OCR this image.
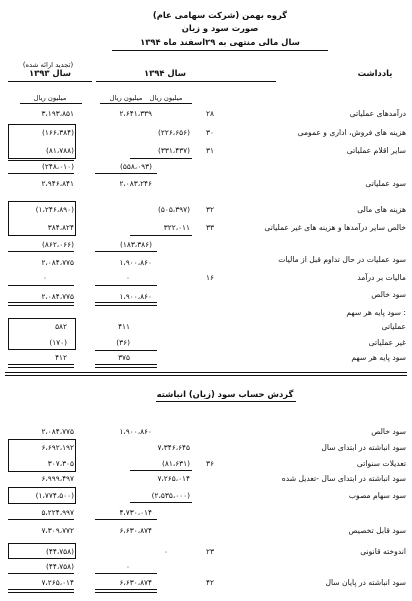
گروه بهمن (شرکت سهامی عام)
صورت سود و زیان
سال مالی منتهی به ۲۹اسفند ماه ۱۳۹۴
یادداشت
سال ۱۳۹۴
سال ۱۳۹۳
(تجدید ارائه شده)
میلیون ریال
میلیون ریال
میلیون ریال
درآمدهای عملیاتی
۲۸
۲،۶۴۱،۳۳۹
۳،۱۹۳،۸۵۱
هزینه های فروش، اداری و عمومی
۳۰
(۲۲۶،۶۵۶)
(۱۶۶،۳۸۴)
سایر اقلام عملیاتی
۳۱
(۳۳۱،۴۳۷)
(۸۱،۷۸۸)
(۵۵۸،۰۹۳)
(۲۴۸،۰۱۰)
سود عملیاتی
۲،۰۸۳،۲۴۶
۲،۹۴۶،۸۴۱
هزینه های مالی
۳۲
(۵۰۵،۳۹۷)
(۱،۲۴۶،۸۹۰)
خالص سایر درآمدها و هزینه های غیر عملیاتی
۳۳
۳۲۲،۰۱۱
۳۸۴،۸۲۴
(۱۸۳،۳۸۶)
(۸۶۲،۰۶۶)
سود عملیات در حال تداوم قبل از مالیات
۱،۹۰۰،۸۶۰
۲،۰۸۴،۷۷۵
مالیات بر درآمد
۱۶
۰
۰
سود خالص
۱،۹۰۰،۸۶۰
۲،۰۸۴،۷۷۵
سود پایه هر سهم :
عملیاتی
۴۱۱
۵۸۲
غیر عملیاتی
(۳۶)
(۱۷۰)
سود پایه هر سهم
۳۷۵
۴۱۲
گردش حساب سود (زیان) انباشته
سود خالص
۱،۹۰۰،۸۶۰
۲،۰۸۴،۷۷۵
سود انباشته در ابتدای سال
۷،۳۴۶،۶۴۵
۶،۶۹۲،۱۹۲
تعدیلات سنواتی
۳۶
(۸۱،۶۳۱)
۳۰۷،۳۰۵
سود انباشته در ابتدای سال -تعدیل شده
۷،۲۶۵،۰۱۴
۶،۹۹۹،۴۹۷
سود سهام مصوب
(۲،۵۳۵،۰۰۰)
(۱،۷۷۴،۵۰۰)
۴،۷۳۰،۰۱۴
۵،۲۲۴،۹۹۷
سود قابل تخصیص
۶،۶۳۰،۸۷۴
۷،۳۰۹،۷۷۲
اندوخته قانونی
۲۳
۰
(۴۴،۷۵۸)
۰
(۴۴،۷۵۸)
سود انباشته در پایان سال
۴۲
۶،۶۳۰،۸۷۴
۷،۲۶۵،۰۱۴
